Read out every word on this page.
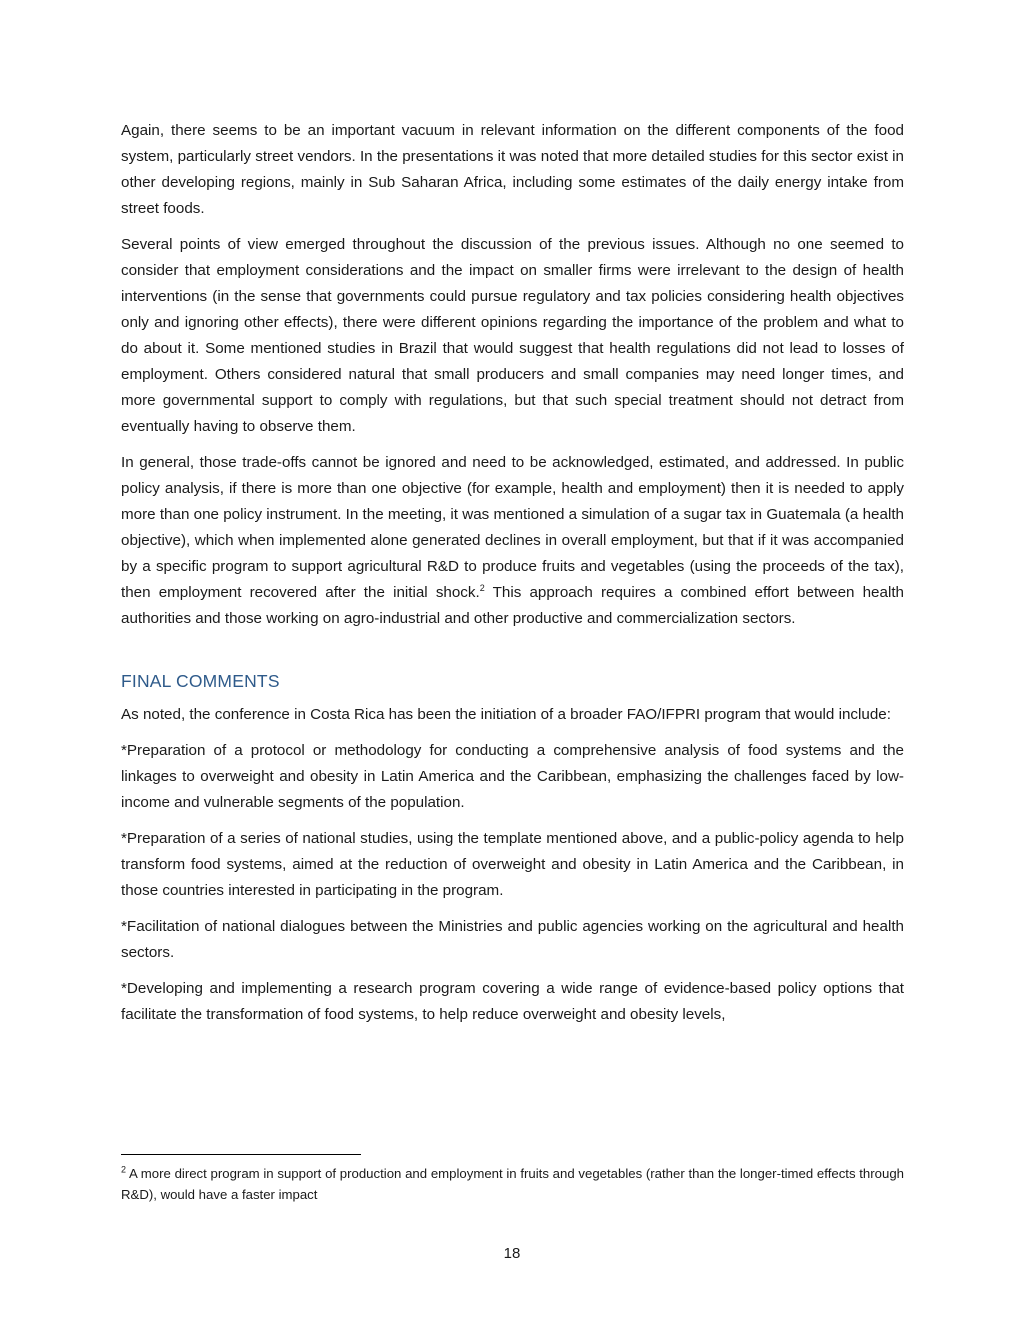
Again, there seems to be an important vacuum in relevant information on the different components of the food system, particularly street vendors. In the presentations it was noted that more detailed studies for this sector exist in other developing regions, mainly in Sub Saharan Africa, including some estimates of the daily energy intake from street foods.

Several points of view emerged throughout the discussion of the previous issues. Although no one seemed to consider that employment considerations and the impact on smaller firms were irrelevant to the design of health interventions (in the sense that governments could pursue regulatory and tax policies considering health objectives only and ignoring other effects), there were different opinions regarding the importance of the problem and what to do about it. Some mentioned studies in Brazil that would suggest that health regulations did not lead to losses of employment. Others considered natural that small producers and small companies may need longer times, and more governmental support to comply with regulations, but that such special treatment should not detract from eventually having to observe them.

In general, those trade-offs cannot be ignored and need to be acknowledged, estimated, and addressed. In public policy analysis, if there is more than one objective (for example, health and employment) then it is needed to apply more than one policy instrument. In the meeting, it was mentioned a simulation of a sugar tax in Guatemala (a health objective), which when implemented alone generated declines in overall employment, but that if it was accompanied by a specific program to support agricultural R&D to produce fruits and vegetables (using the proceeds of the tax), then employment recovered after the initial shock.$^2$ This approach requires a combined effort between health authorities and those working on agro-industrial and other productive and commercialization sectors.

FINAL COMMENTS

As noted, the conference in Costa Rica has been the initiation of a broader FAO/IFPRI program that would include:

*Preparation of a protocol or methodology for conducting a comprehensive analysis of food systems and the linkages to overweight and obesity in Latin America and the Caribbean, emphasizing the challenges faced by low-income and vulnerable segments of the population.

*Preparation of a series of national studies, using the template mentioned above, and a public-policy agenda to help transform food systems, aimed at the reduction of overweight and obesity in Latin America and the Caribbean, in those countries interested in participating in the program.

*Facilitation of national dialogues between the Ministries and public agencies working on the agricultural and health sectors.

*Developing and implementing a research program covering a wide range of evidence-based policy options that facilitate the transformation of food systems, to help reduce overweight and obesity levels,

$^2$ A more direct program in support of production and employment in fruits and vegetables (rather than the longer-timed effects through R&D), would have a faster impact

18
